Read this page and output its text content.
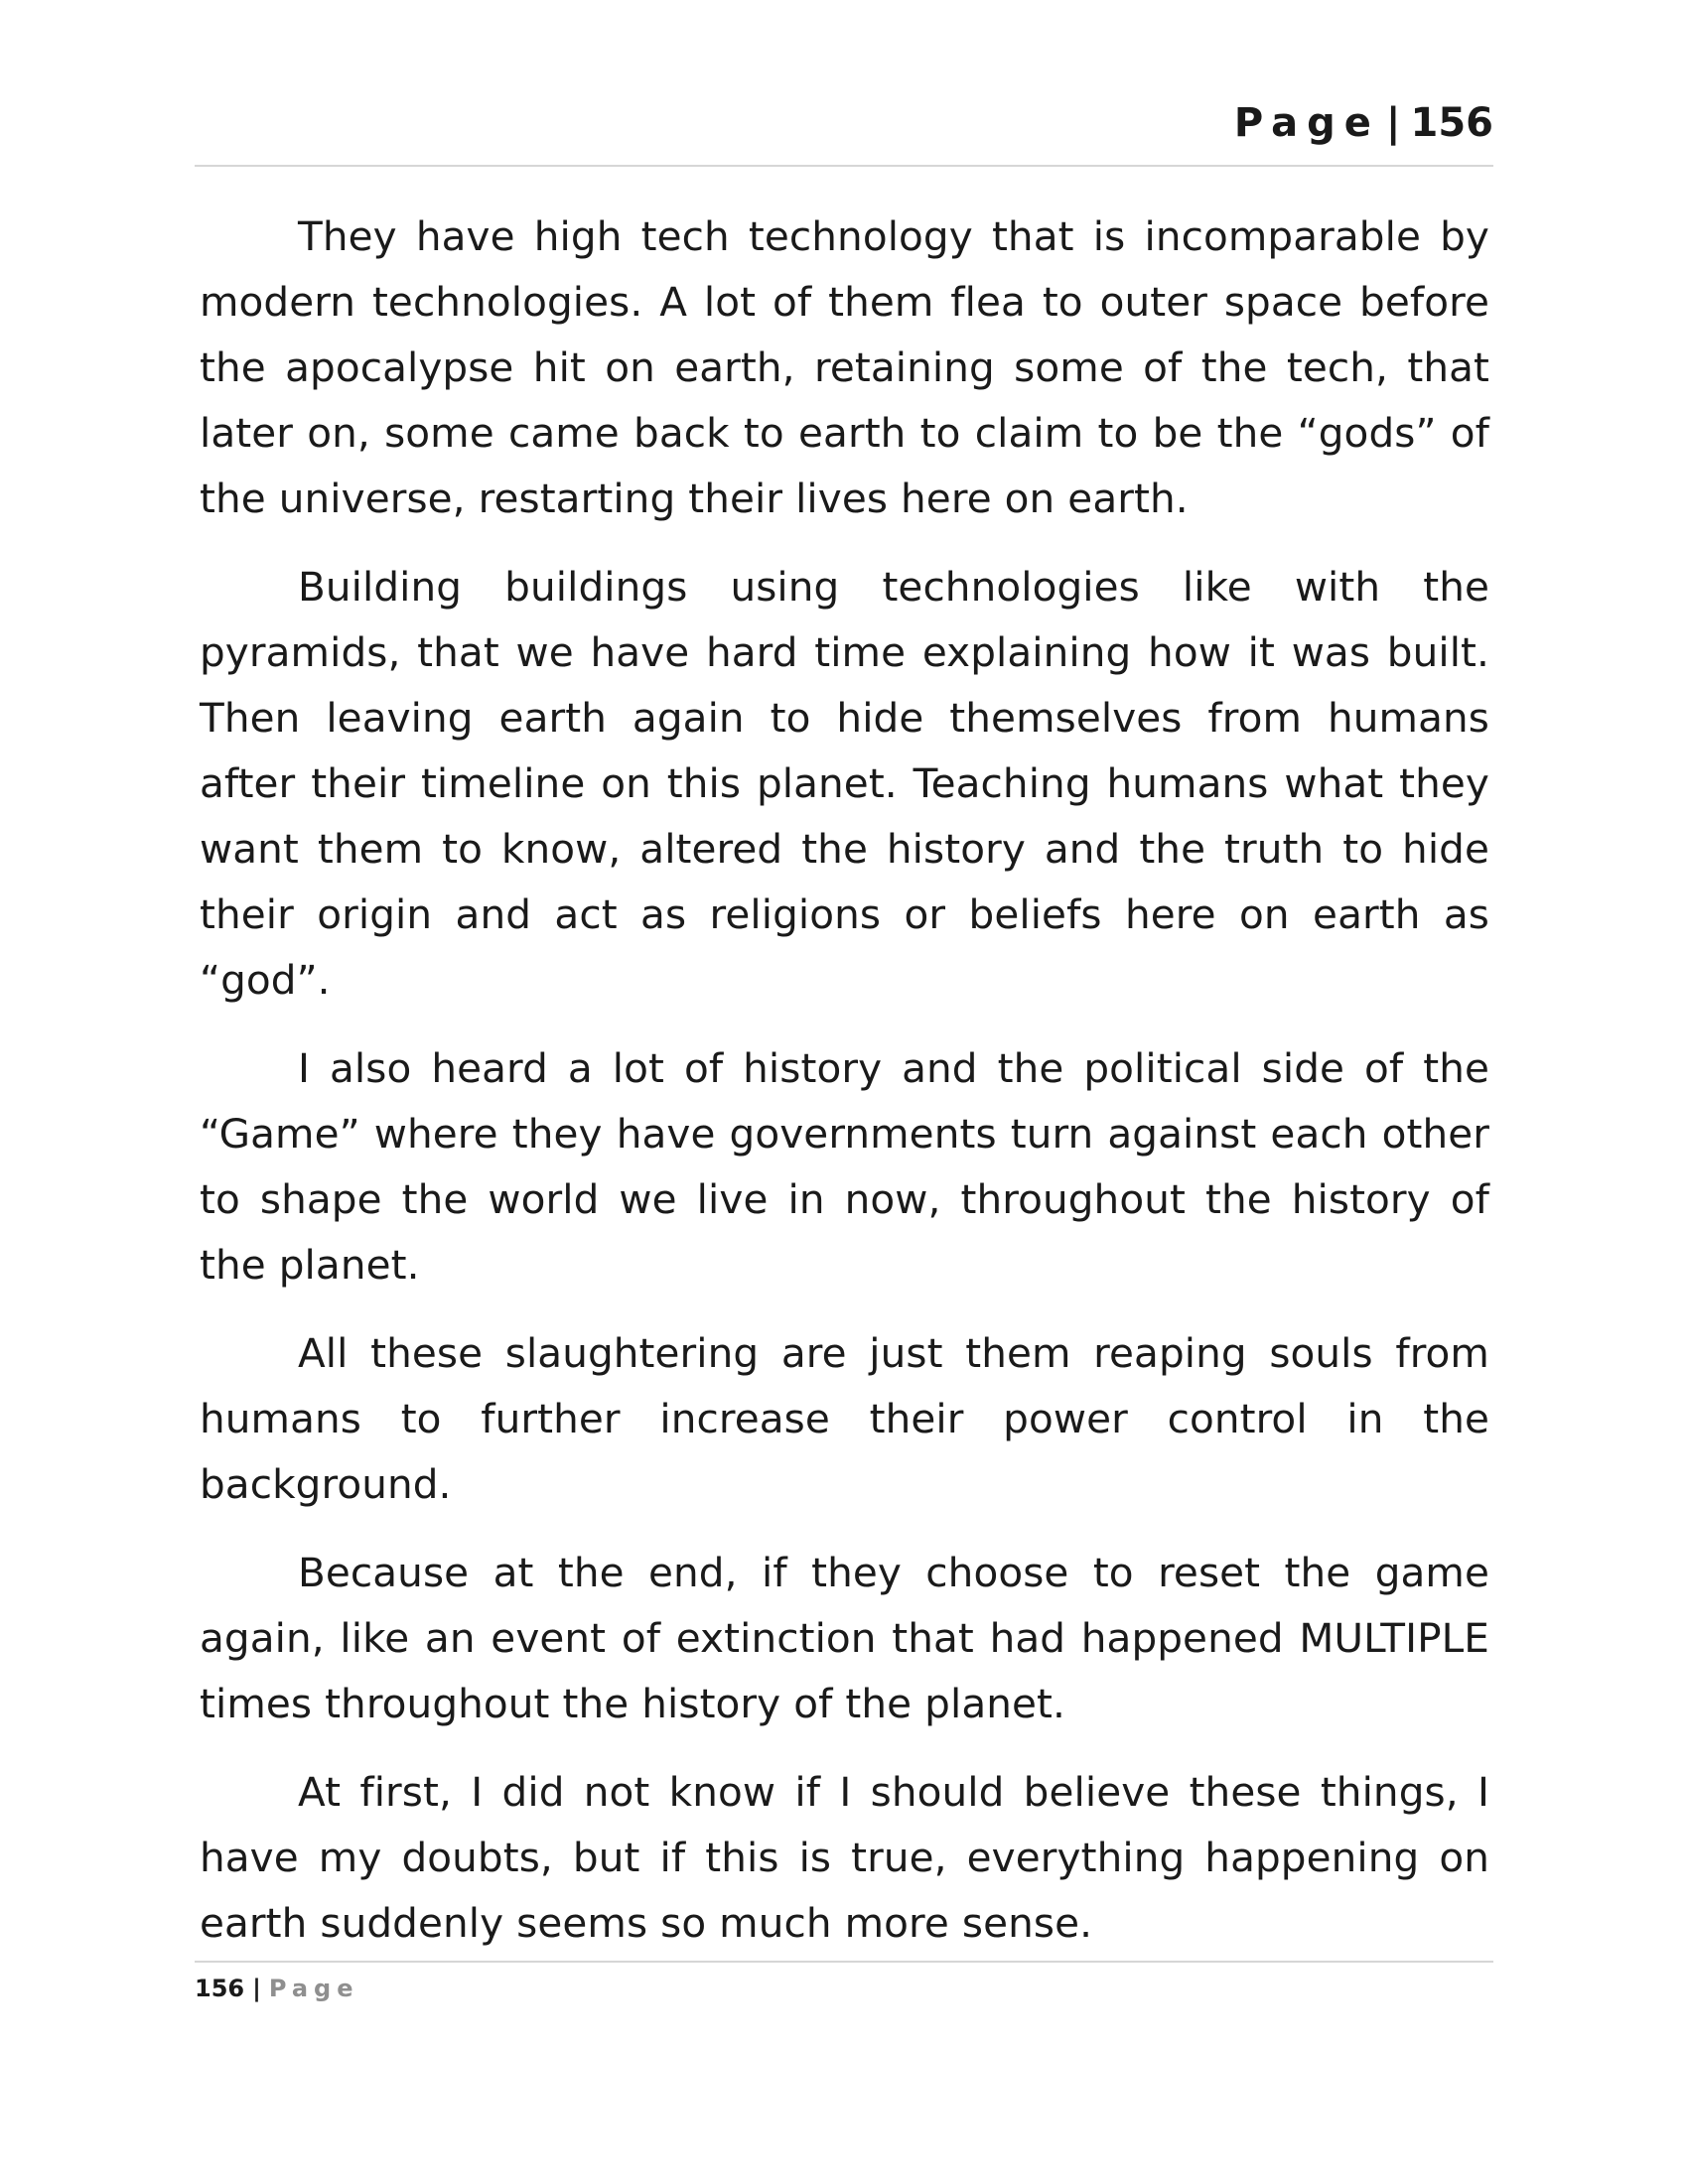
Page | 156

They have high tech technology that is incomparable by modern technologies. A lot of them flea to outer space before the apocalypse hit on earth, retaining some of the tech, that later on, some came back to earth to claim to be the “gods” of the universe, restarting their lives here on earth.

Building buildings using technologies like with the pyramids, that we have hard time explaining how it was built. Then leaving earth again to hide themselves from humans after their timeline on this planet. Teaching humans what they want them to know, altered the history and the truth to hide their origin and act as religions or beliefs here on earth as “god”.

I also heard a lot of history and the political side of the “Game” where they have governments turn against each other to shape the world we live in now, throughout the history of the planet.

All these slaughtering are just them reaping souls from humans to further increase their power control in the background.

Because at the end, if they choose to reset the game again, like an event of extinction that had happened MULTIPLE times throughout the history of the planet.

At first, I did not know if I should believe these things, I have my doubts, but if this is true, everything happening on earth suddenly seems so much more sense.

156 | Page
